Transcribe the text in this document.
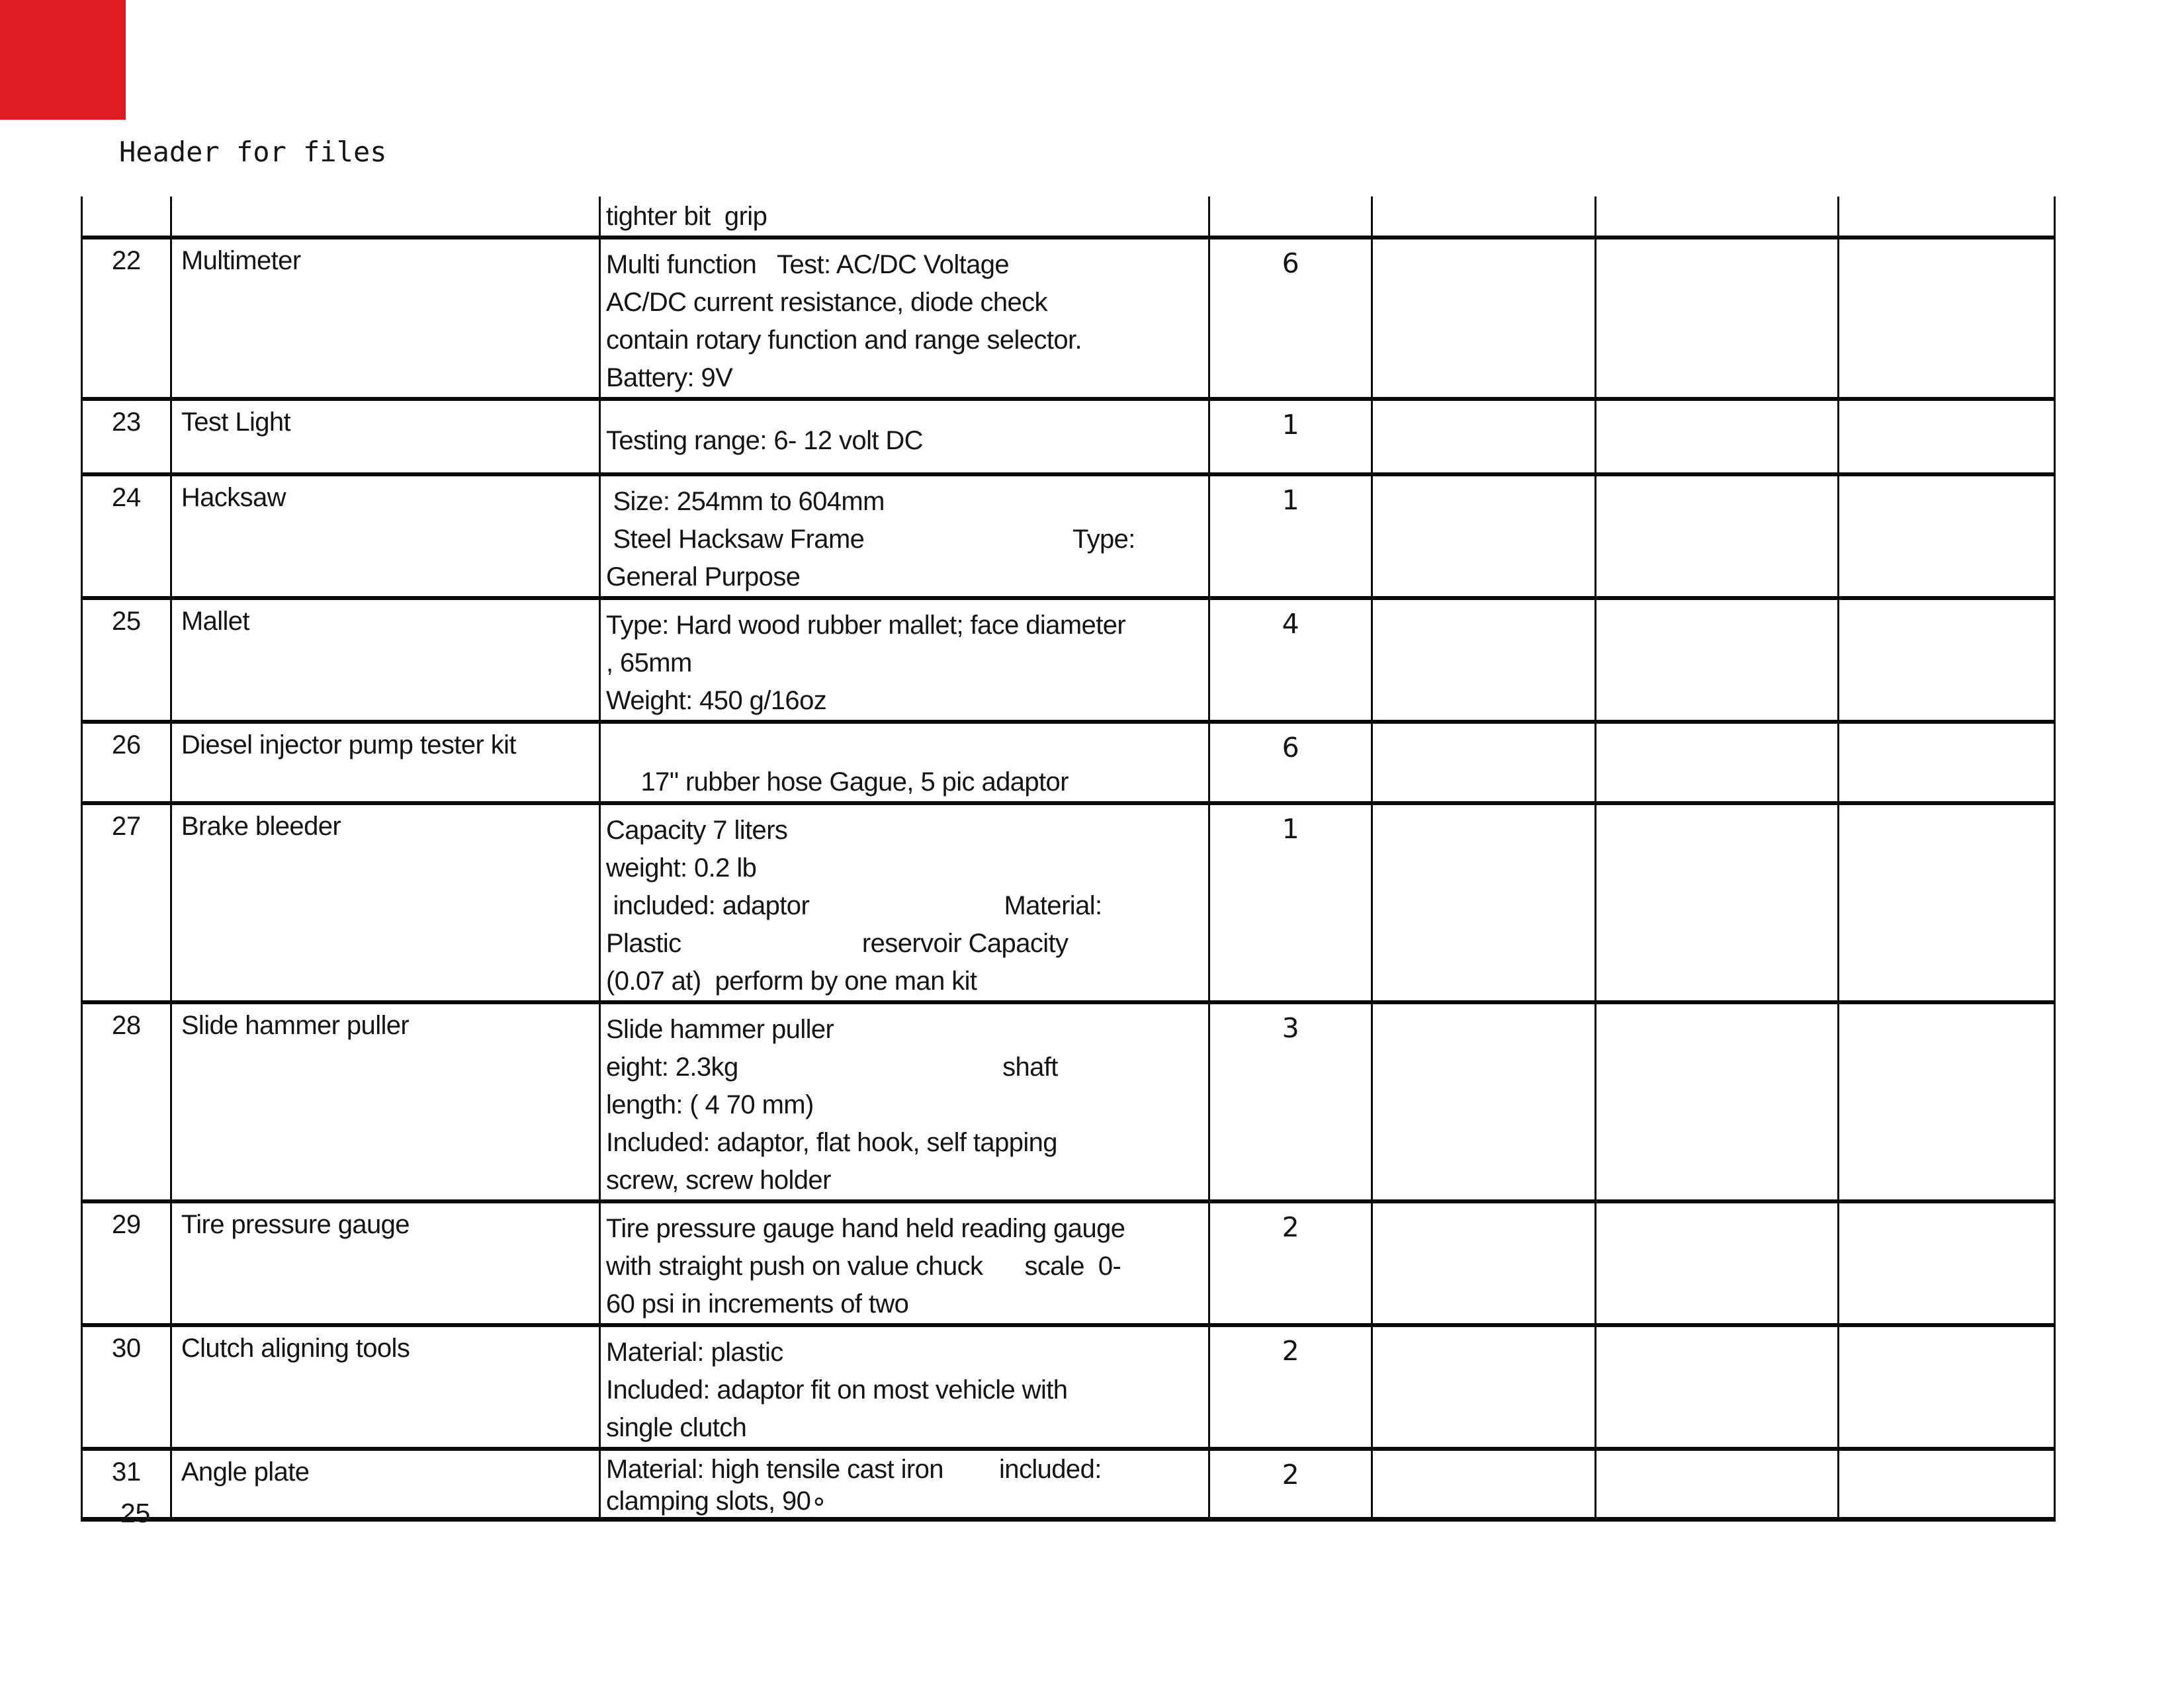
Header for files

		tighter bit  grip				

22	Multimeter	Multi function   Test: AC/DC Voltage
AC/DC current resistance, diode check
contain rotary function and range selector.
Battery: 9V	6			
23	Test Light	Testing range: 6- 12 volt DC	1			
24	Hacksaw	Size: 254mm to 604mm
Steel Hacksaw Frame                              Type:
General Purpose	1			
25	Mallet	Type: Hard wood rubber mallet; face diameter
, 65mm
Weight: 450 g/16oz	4			
26	Diesel injector pump tester kit	17" rubber hose Gague, 5 pic adaptor	6			
27	Brake bleeder	Capacity 7 liters
weight: 0.2 lb
included: adaptor                            Material:
Plastic                          reservoir Capacity
(0.07 at)  perform by one man kit	1			
28	Slide hammer puller	Slide hammer puller
eight: 2.3kg                                      shaft
length: ( 4 70 mm)
Included: adaptor, flat hook, self tapping
screw, screw holder	3			
29	Tire pressure gauge	Tire pressure gauge hand held reading gauge
with straight push on value chuck      scale  0-
60 psi in increments of two	2			
30	Clutch aligning tools	Material: plastic
Included: adaptor fit on most vehicle with
single clutch	2			
31	Angle plate	Material: high tensile cast iron        included:
clamping slots, 90∘	2			
25
